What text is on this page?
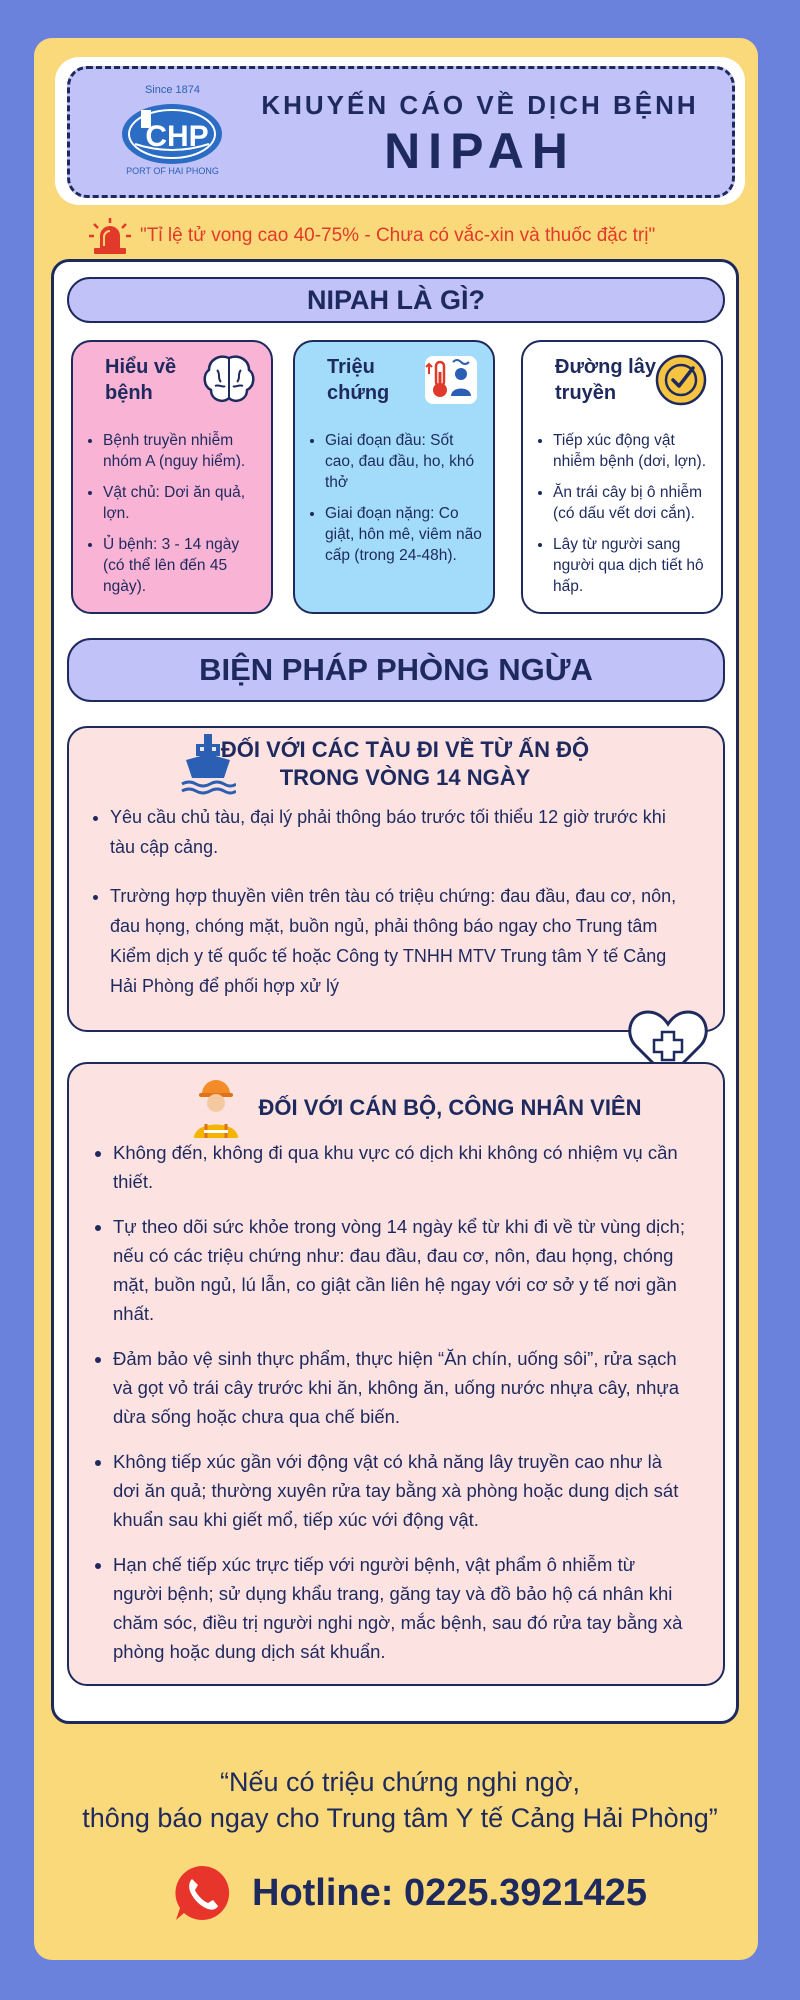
Since 1874
CHP
PORT OF HAI PHONG
KHUYẾN CÁO VỀ DỊCH BỆNH
NIPAH
"Tỉ lệ tử vong cao 40-75% - Chưa có vắc-xin và thuốc đặc trị"
NIPAH LÀ GÌ?
Hiểu về bệnh
• Bệnh truyền nhiễm nhóm A (nguy hiểm).
• Vật chủ: Dơi ăn quả, lợn.
• Ủ bệnh: 3 - 14 ngày (có thể lên đến 45 ngày).
Triệu chứng
• Giai đoạn đầu: Sốt cao, đau đầu, ho, khó thở
• Giai đoạn nặng: Co giật, hôn mê, viêm não cấp (trong 24-48h).
Đường lây truyền
• Tiếp xúc động vật nhiễm bệnh (dơi, lợn).
• Ăn trái cây bị ô nhiễm (có dấu vết dơi cắn).
• Lây từ người sang người qua dịch tiết hô hấp.
BIỆN PHÁP PHÒNG NGỪA
ĐỐI VỚI CÁC TÀU ĐI VỀ TỪ ẤN ĐỘ TRONG VÒNG 14 NGÀY
• Yêu cầu chủ tàu, đại lý phải thông báo trước tối thiểu 12 giờ trước khi tàu cập cảng.
• Trường hợp thuyền viên trên tàu có triệu chứng: đau đầu, đau cơ, nôn, đau họng, chóng mặt, buồn ngủ, phải thông báo ngay cho Trung tâm Kiểm dịch y tế quốc tế hoặc Công ty TNHH MTV Trung tâm Y tế Cảng Hải Phòng để phối hợp xử lý
ĐỐI VỚI CÁN BỘ, CÔNG NHÂN VIÊN
• Không đến, không đi qua khu vực có dịch khi không có nhiệm vụ cần thiết.
• Tự theo dõi sức khỏe trong vòng 14 ngày kể từ khi đi về từ vùng dịch; nếu có các triệu chứng như: đau đầu, đau cơ, nôn, đau họng, chóng mặt, buồn ngủ, lú lẫn, co giật cần liên hệ ngay với cơ sở y tế nơi gần nhất.
• Đảm bảo vệ sinh thực phẩm, thực hiện “Ăn chín, uống sôi”, rửa sạch và gọt vỏ trái cây trước khi ăn, không ăn, uống nước nhựa cây, nhựa dừa sống hoặc chưa qua chế biến.
• Không tiếp xúc gần với động vật có khả năng lây truyền cao như là dơi ăn quả; thường xuyên rửa tay bằng xà phòng hoặc dung dịch sát khuẩn sau khi giết mổ, tiếp xúc với động vật.
• Hạn chế tiếp xúc trực tiếp với người bệnh, vật phẩm ô nhiễm từ người bệnh; sử dụng khẩu trang, găng tay và đồ bảo hộ cá nhân khi chăm sóc, điều trị người nghi ngờ, mắc bệnh, sau đó rửa tay bằng xà phòng hoặc dung dịch sát khuẩn.
“Nếu có triệu chứng nghi ngờ,
thông báo ngay cho Trung tâm Y tế Cảng Hải Phòng”
Hotline: 0225.3921425
